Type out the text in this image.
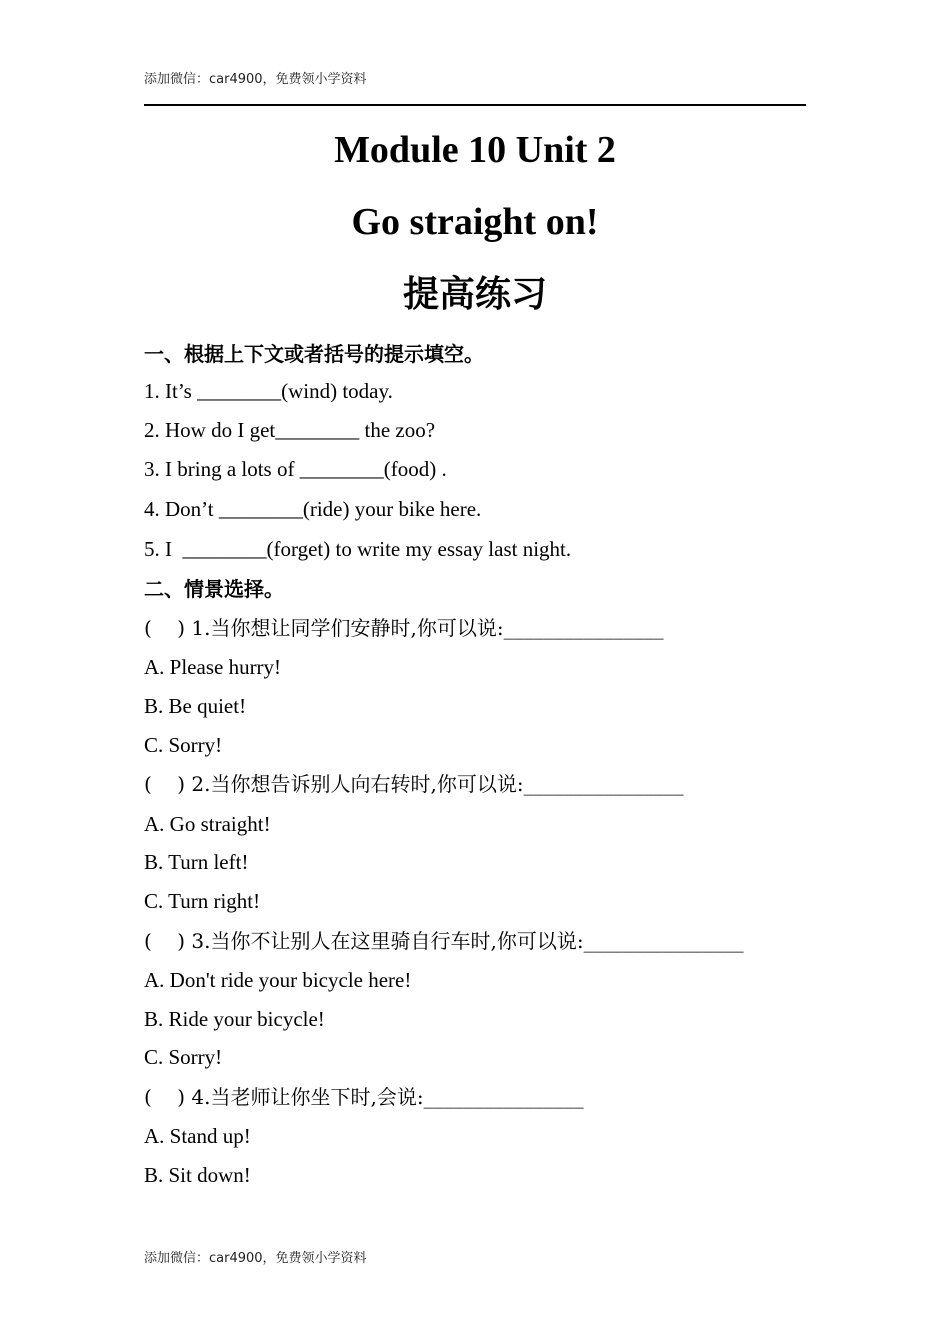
添加微信：car4900，免费领小学资料
Module 10 Unit 2
Go straight on!
提高练习
一、根据上下文或者括号的提示填空。
1. It’s ________(wind) today.
2. How do I get________ the zoo?
3. I bring a lots of ________(food) .
4. Don’t ________(ride) your bike here.
5. I  ________(forget) to write my essay last night.
二、情景选择。
(    ) 1.当你想让同学们安静时,你可以说:________________
A. Please hurry!
B. Be quiet!
C. Sorry!
(    ) 2.当你想告诉别人向右转时,你可以说:________________
A. Go straight!
B. Turn left!
C. Turn right!
(    ) 3.当你不让别人在这里骑自行车时,你可以说:________________
A. Don't ride your bicycle here!
B. Ride your bicycle!
C. Sorry!
(    ) 4.当老师让你坐下时,会说:________________
A. Stand up!
B. Sit down!
添加微信：car4900，免费领小学资料
